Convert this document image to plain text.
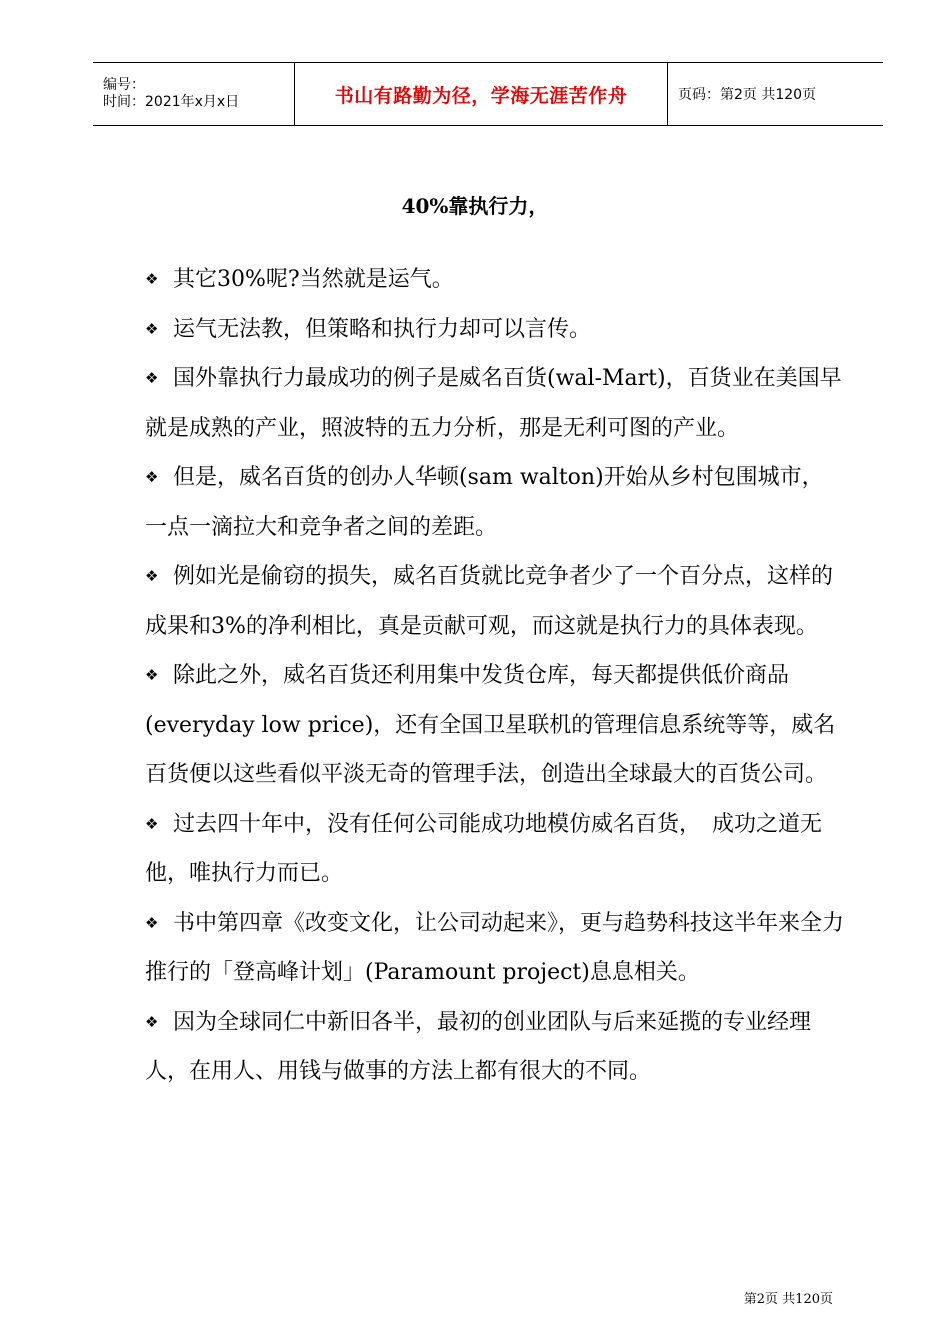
编号：
时间：2021年x月x日	书山有路勤为径，学海无涯苦作舟	页码：第2页 共120页
40%靠执行力，

❖ 其它30%呢?当然就是运气。

❖ 运气无法教，但策略和执行力却可以言传。

❖ 国外靠执行力最成功的例子是威名百货(wal-Mart)，百货业在美国早就是成熟的产业，照波特的五力分析，那是无利可图的产业。

❖ 但是，威名百货的创办人华顿(sam walton)开始从乡村包围城市，一点一滴拉大和竞争者之间的差距。

❖ 例如光是偷窃的损失，威名百货就比竞争者少了一个百分点，这样的成果和3%的净利相比，真是贡献可观，而这就是执行力的具体表现。

❖ 除此之外，威名百货还利用集中发货仓库，每天都提供低价商品(everyday low price)，还有全国卫星联机的管理信息系统等等，威名百货便以这些看似平淡无奇的管理手法，创造出全球最大的百货公司。

❖ 过去四十年中，没有任何公司能成功地模仿威名百货，　成功之道无他，唯执行力而已。

❖ 书中第四章《改变文化，让公司动起来》，更与趋势科技这半年来全力推行的「登高峰计划」(Paramount project)息息相关。

❖ 因为全球同仁中新旧各半，最初的创业团队与后来延揽的专业经理人，在用人、用钱与做事的方法上都有很大的不同。

第2页 共120页
